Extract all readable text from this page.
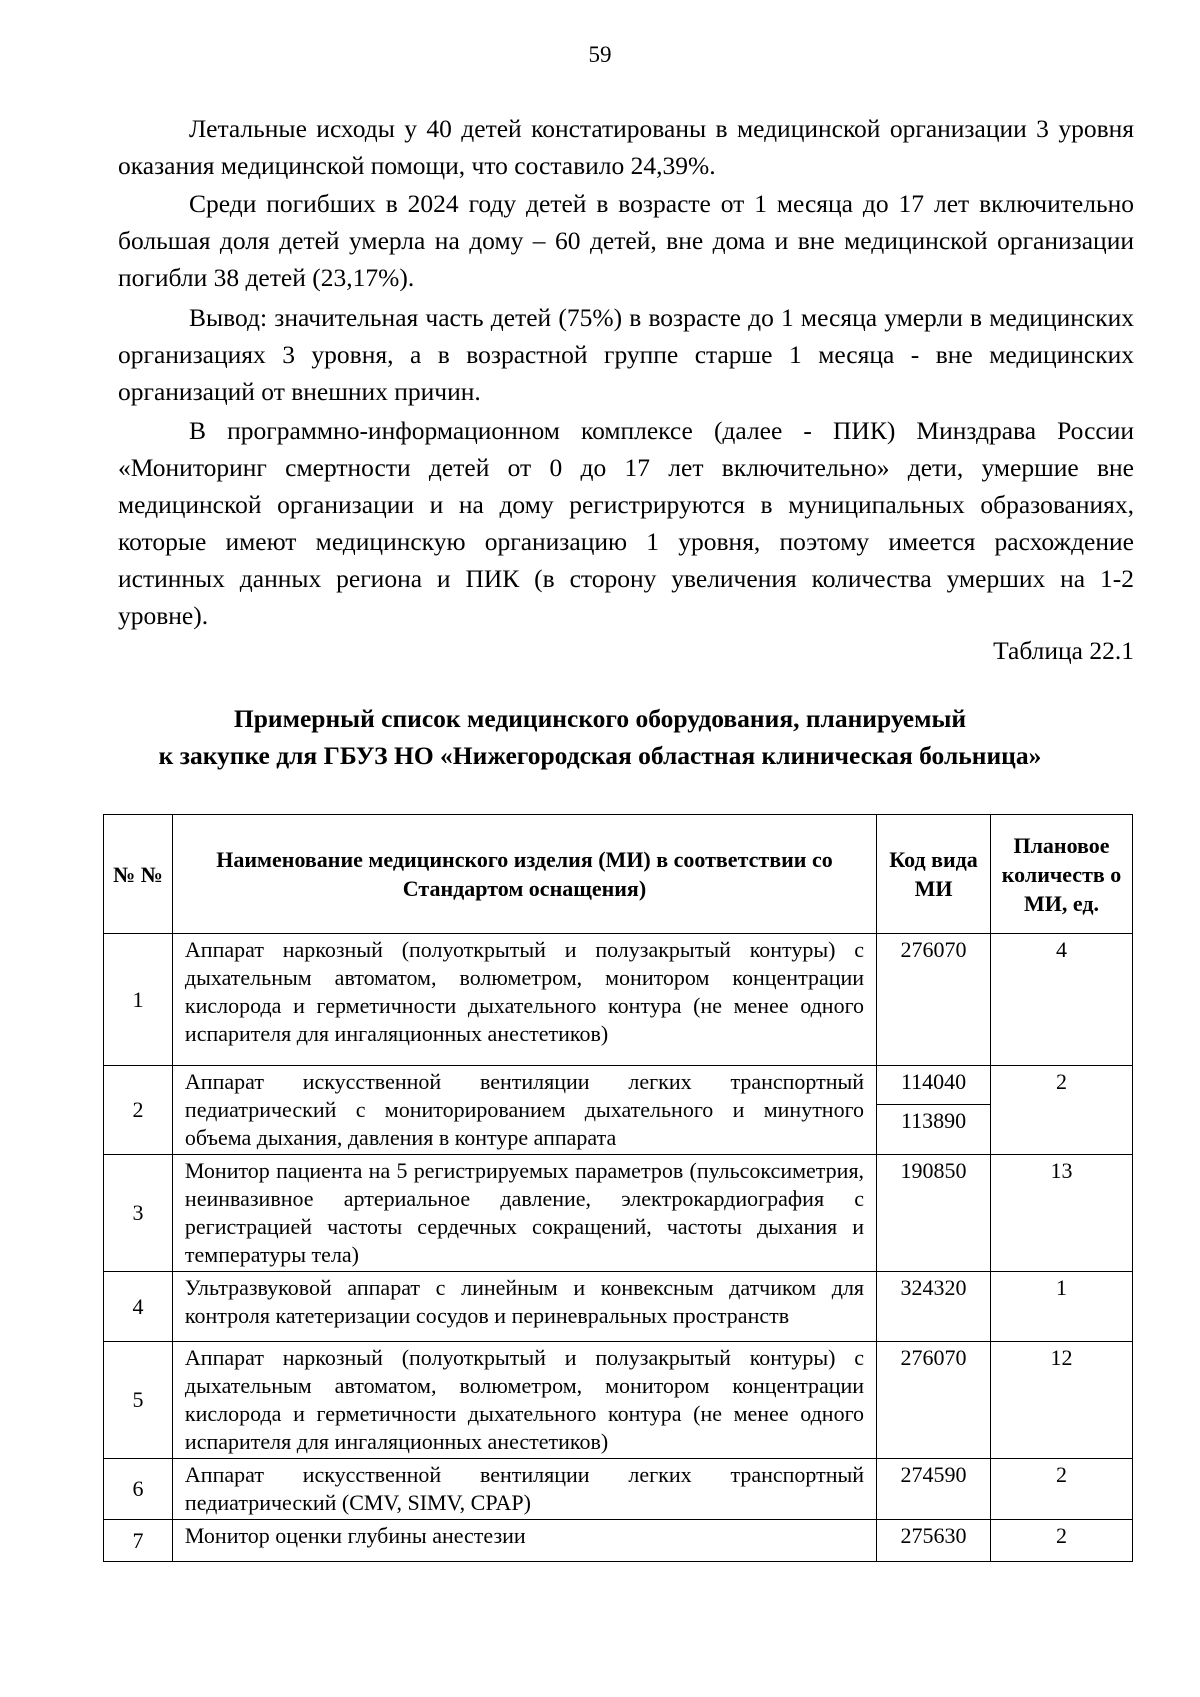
59

Летальные исходы у 40 детей констатированы в медицинской организации 3 уровня оказания медицинской помощи, что составило 24,39%.

Среди погибших в 2024 году детей в возрасте от 1 месяца до 17 лет включительно большая доля детей умерла на дому – 60 детей, вне дома и вне медицинской организации погибли 38 детей (23,17%).

Вывод: значительная часть детей (75%) в возрасте до 1 месяца умерли в медицинских организациях 3 уровня, а в возрастной группе старше 1 месяца - вне медицинских организаций от внешних причин.

В программно-информационном комплексе (далее - ПИК) Минздрава России «Мониторинг смертности детей от 0 до 17 лет включительно» дети, умершие вне медицинской организации и на дому регистрируются в муниципальных образованиях, которые имеют медицинскую организацию 1 уровня, поэтому имеется расхождение истинных данных региона и ПИК (в сторону увеличения количества умерших на 1-2 уровне).

Таблица 22.1
Примерный список медицинского оборудования, планируемый
к закупке для ГБУЗ НО «Нижегородская областная клиническая больница»
№ №	Наименование медицинского изделия (МИ) в соответствии со Стандартом оснащения)	Код вида МИ	Плановое количеств о МИ, ед.
1	Аппарат наркозный (полуоткрытый и полузакрытый контуры) с дыхательным автоматом, волюметром, монитором концентрации кислорода и герметичности дыхательного контура (не менее одного испарителя для ингаляционных анестетиков)	276070	4
2	Аппарат искусственной вентиляции легких транспортный педиатрический с мониторированием дыхательного и минутного объема дыхания, давления в контуре аппарата	114040	2
		113890	
3	Монитор пациента на 5 регистрируемых параметров (пульсоксиметрия, неинвазивное артериальное давление, электрокардиография с регистрацией частоты сердечных сокращений, частоты дыхания и температуры тела)	190850	13
4	Ультразвуковой аппарат с линейным и конвексным датчиком для контроля катетеризации сосудов и периневральных пространств	324320	1
5	Аппарат наркозный (полуоткрытый и полузакрытый контуры) с дыхательным автоматом, волюметром, монитором концентрации кислорода и герметичности дыхательного контура (не менее одного испарителя для ингаляционных анестетиков)	276070	12
6	Аппарат искусственной вентиляции легких транспортный педиатрический (CMV, SIMV, CPAP)	274590	2
7	Монитор оценки глубины анестезии	275630	2
